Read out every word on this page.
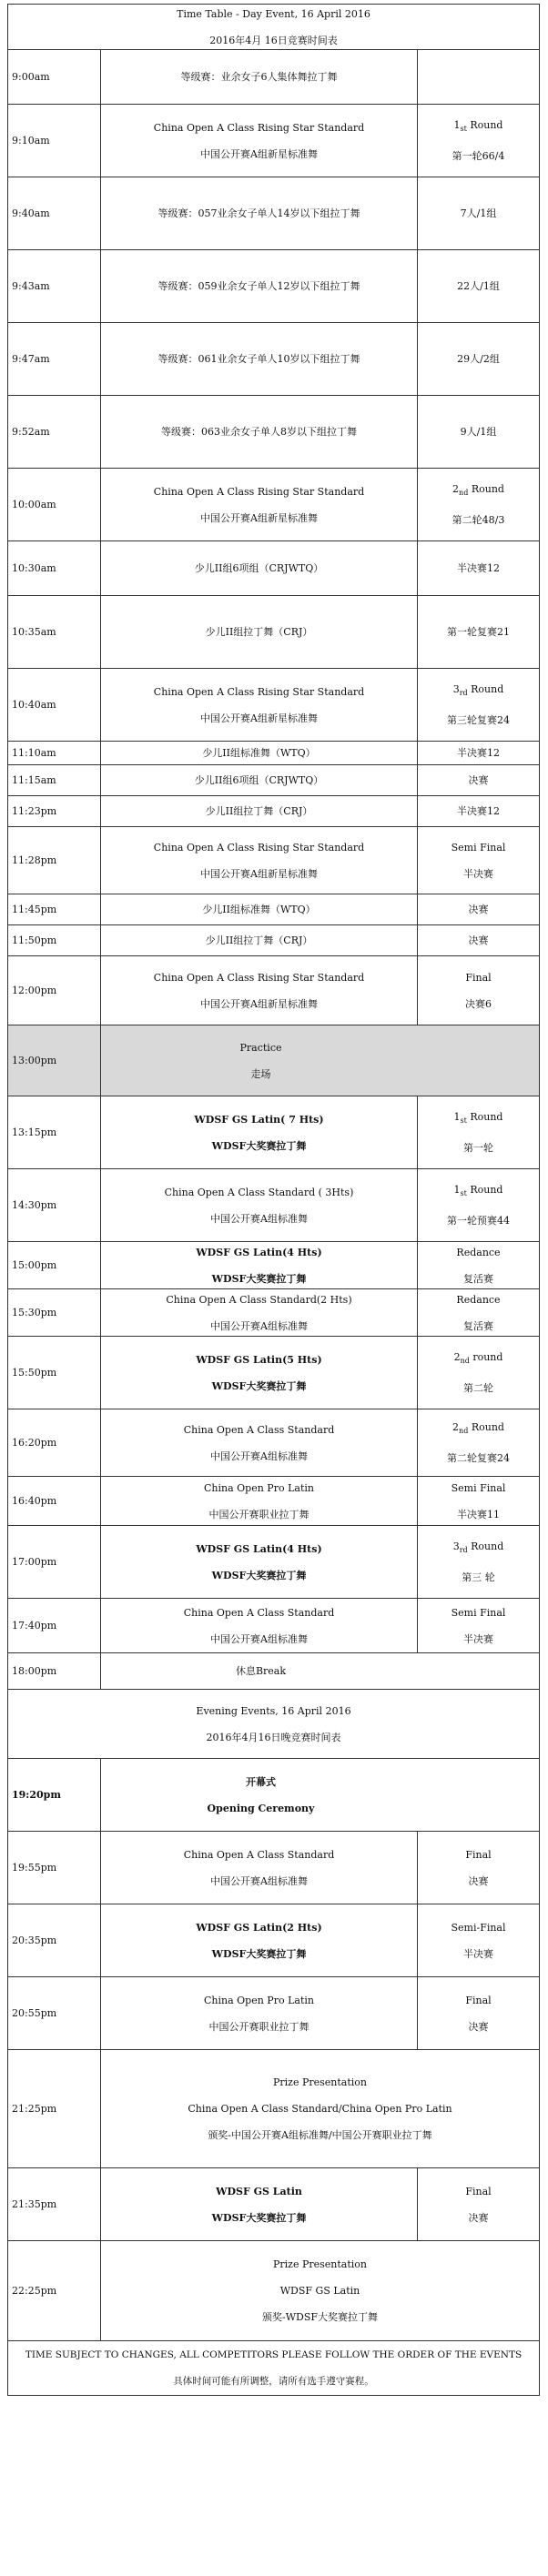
Time Table - Day Event, 16 April 2016
2016年4月 16日竞赛时间表		

9:00am	等级赛：业余女子6人集体舞拉丁舞	

9:10am	China Open A Class Rising Star Standard
中国公开赛A组新星标准舞	$1_{st}$ Round
第一轮66/4

9:40am	等级赛：057业余女子单人14岁以下组拉丁舞	7人/1组

9:43am	等级赛：059业余女子单人12岁以下组拉丁舞	22人/1组

9:47am	等级赛：061业余女子单人10岁以下组拉丁舞	29人/2组

9:52am	等级赛：063业余女子单人8岁以下组拉丁舞	9人/1组

10:00am	China Open A Class Rising Star Standard
中国公开赛A组新星标准舞	$2_{nd}$ Round
第二轮48/3

10:30am	少儿II组6项组（CRJWTQ）	半决赛12

10:35am	少儿II组拉丁舞（CRJ）	第一轮复赛21

10:40am	China Open A Class Rising Star Standard
中国公开赛A组新星标准舞	$3_{rd}$ Round
第三轮复赛24

11:10am	少儿II组标准舞（WTQ）	半决赛12

11:15am	少儿II组6项组（CRJWTQ）	决赛

11:23pm	少儿II组拉丁舞（CRJ）	半决赛12

11:28pm	China Open A Class Rising Star Standard
中国公开赛A组新星标准舞	Semi Final
半决赛

11:45pm	少儿II组标准舞（WTQ）	决赛

11:50pm	少儿II组拉丁舞（CRJ）	决赛

12:00pm	China Open A Class Rising Star Standard
中国公开赛A组新星标准舞	Final
决赛6

13:00pm	Practice
走场	

13:15pm	WDSF GS Latin( 7 Hts)
WDSF大奖赛拉丁舞	$1_{st}$ Round
第一轮

14:30pm	China Open A Class Standard ( 3Hts)
中国公开赛A组标准舞	$1_{st}$ Round
第一轮预赛44

15:00pm	WDSF GS Latin(4 Hts)
WDSF大奖赛拉丁舞	Redance
复活赛

15:30pm	China Open A Class Standard(2 Hts)
中国公开赛A组标准舞	Redance
复活赛

15:50pm	WDSF GS Latin(5 Hts)
WDSF大奖赛拉丁舞	$2_{nd}$ round
第二轮

16:20pm	China Open A Class Standard
中国公开赛A组标准舞	$2_{nd}$ Round
第二轮复赛24

16:40pm	China Open Pro Latin
中国公开赛职业拉丁舞	Semi Final
半决赛11

17:00pm	WDSF GS Latin(4 Hts)
WDSF大奖赛拉丁舞	$3_{rd}$ Round
第三 轮

17:40pm	China Open A Class Standard
中国公开赛A组标准舞	Semi Final
半决赛

18:00pm	休息Break	

Evening Events, 16 April 2016
2016年4月16日晚竞赛时间表		

19:20pm	开幕式
Opening Ceremony	

19:55pm	China Open A Class Standard
中国公开赛A组标准舞	Final
决赛

20:35pm	WDSF GS Latin(2 Hts)
WDSF大奖赛拉丁舞	Semi-Final
半决赛

20:55pm	China Open Pro Latin
中国公开赛职业拉丁舞	Final
决赛

21:25pm	Prize Presentation
China Open A Class Standard/China Open Pro Latin
颁奖-中国公开赛A组标准舞/中国公开赛职业拉丁舞	

21:35pm	WDSF GS Latin
WDSF大奖赛拉丁舞	Final
决赛

22:25pm	Prize Presentation
WDSF GS Latin
颁奖-WDSF大奖赛拉丁舞	

TIME SUBJECT TO CHANGES, ALL COMPETITORS PLEASE FOLLOW THE ORDER OF THE EVENTS
具体时间可能有所调整，请所有选手遵守赛程。		
